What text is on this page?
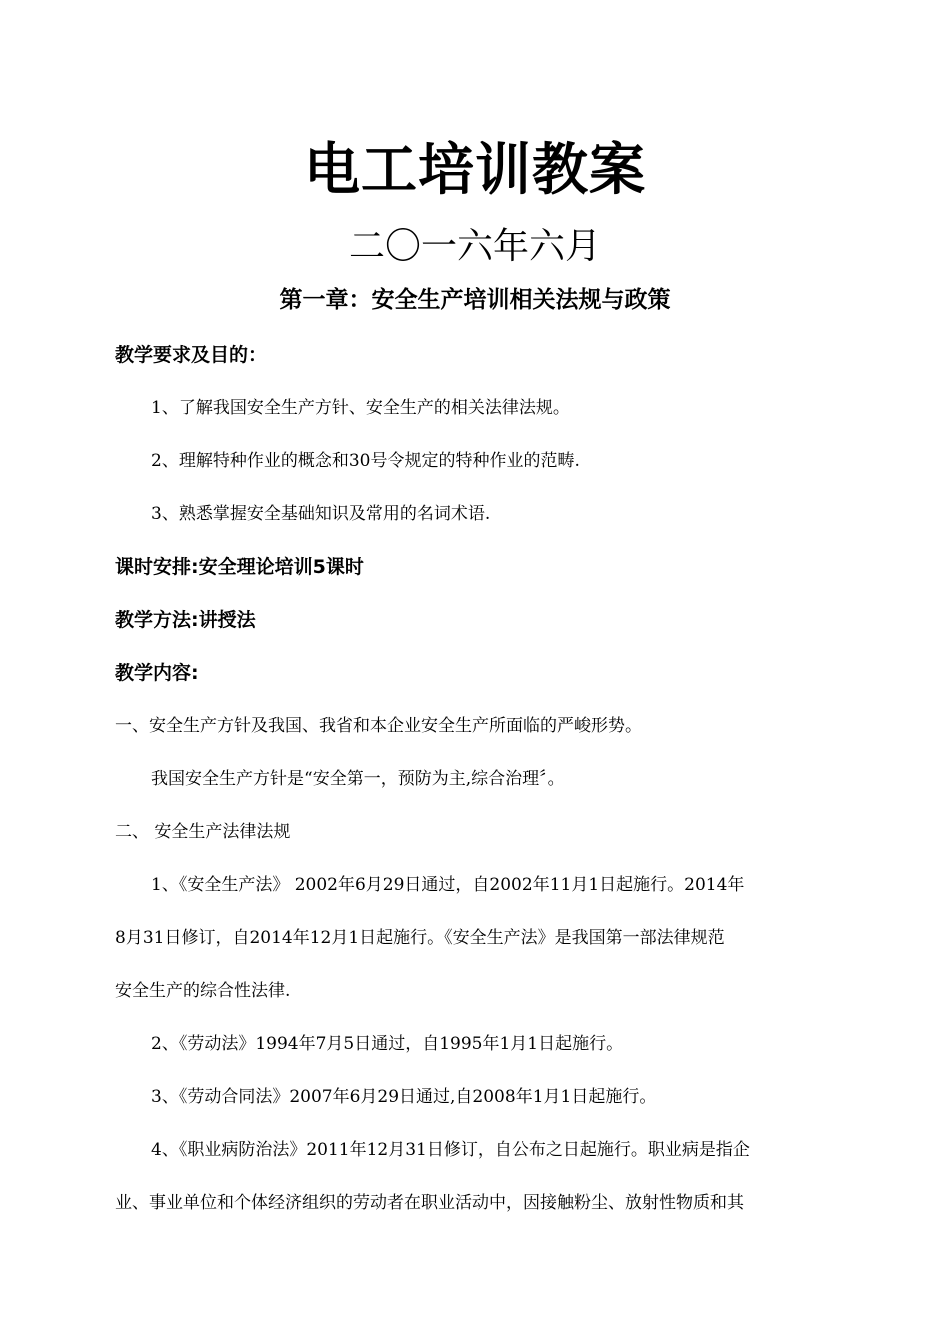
电工培训教案
二〇一六年六月
第一章：安全生产培训相关法规与政策
教学要求及目的：
1、了解我国安全生产方针、安全生产的相关法律法规。
2、理解特种作业的概念和30号令规定的特种作业的范畴.
3、熟悉掌握安全基础知识及常用的名词术语.
课时安排:安全理论培训5课时
教学方法:讲授法
教学内容:
一、安全生产方针及我国、我省和本企业安全生产所面临的严峻形势。
我国安全生产方针是“安全第一，预防为主,综合治理〞。
二、 安全生产法律法规
1、《安全生产法》 2002年6月29日通过，自2002年11月1日起施行。2014年
8月31日修订，自2014年12月1日起施行。《安全生产法》是我国第一部法律规范
安全生产的综合性法律.
2、《劳动法》1994年7月5日通过，自1995年1月1日起施行。
3、《劳动合同法》2007年6月29日通过,自2008年1月1日起施行。
4、《职业病防治法》2011年12月31日修订，自公布之日起施行。职业病是指企
业、事业单位和个体经济组织的劳动者在职业活动中，因接触粉尘、放射性物质和其
